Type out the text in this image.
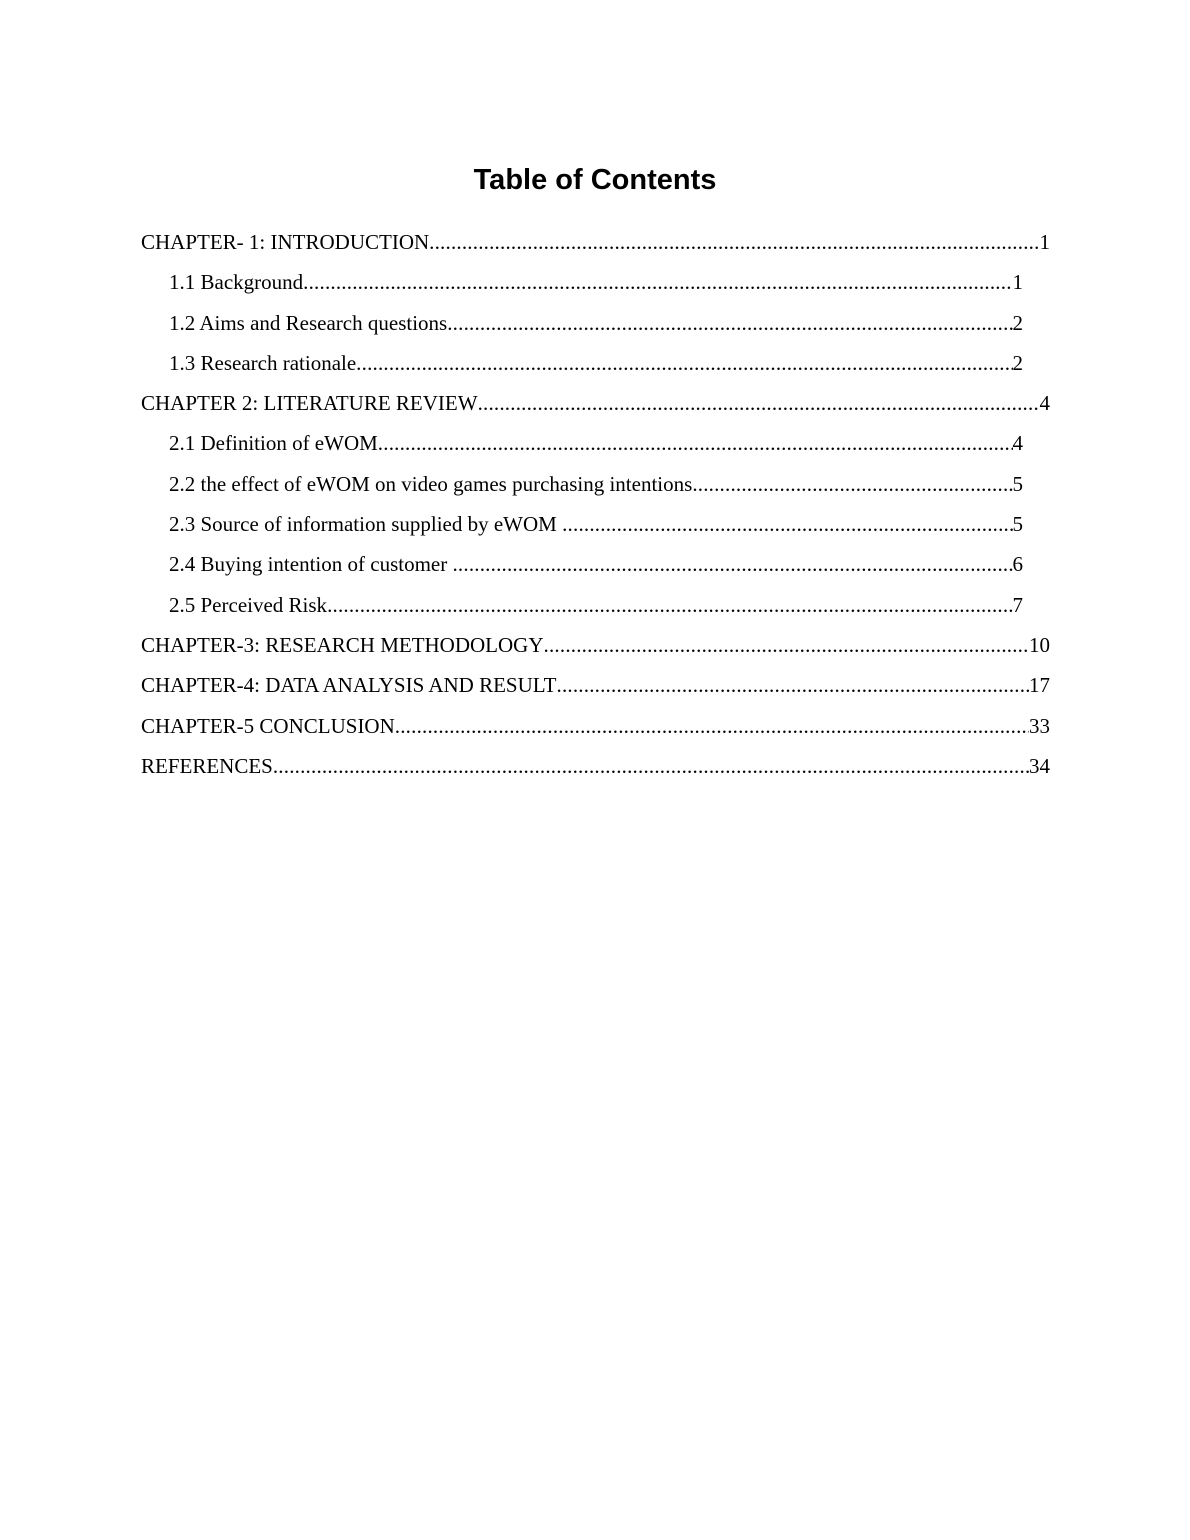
Table of Contents
CHAPTER- 1: INTRODUCTION .....	1
1.1 Background .....	1
1.2 Aims and Research questions .....	2
1.3 Research rationale .....	2
CHAPTER 2: LITERATURE REVIEW .....	4
2.1 Definition of eWOM .....	4
2.2 the effect of eWOM on video games purchasing intentions .....	5
2.3 Source of information supplied by eWOM .....	5
2.4 Buying intention of customer .....	6
2.5 Perceived Risk .....	7
CHAPTER-3: RESEARCH METHODOLOGY .....	10
CHAPTER-4: DATA ANALYSIS AND RESULT .....	17
CHAPTER-5 CONCLUSION .....	33
REFERENCES .....	34
